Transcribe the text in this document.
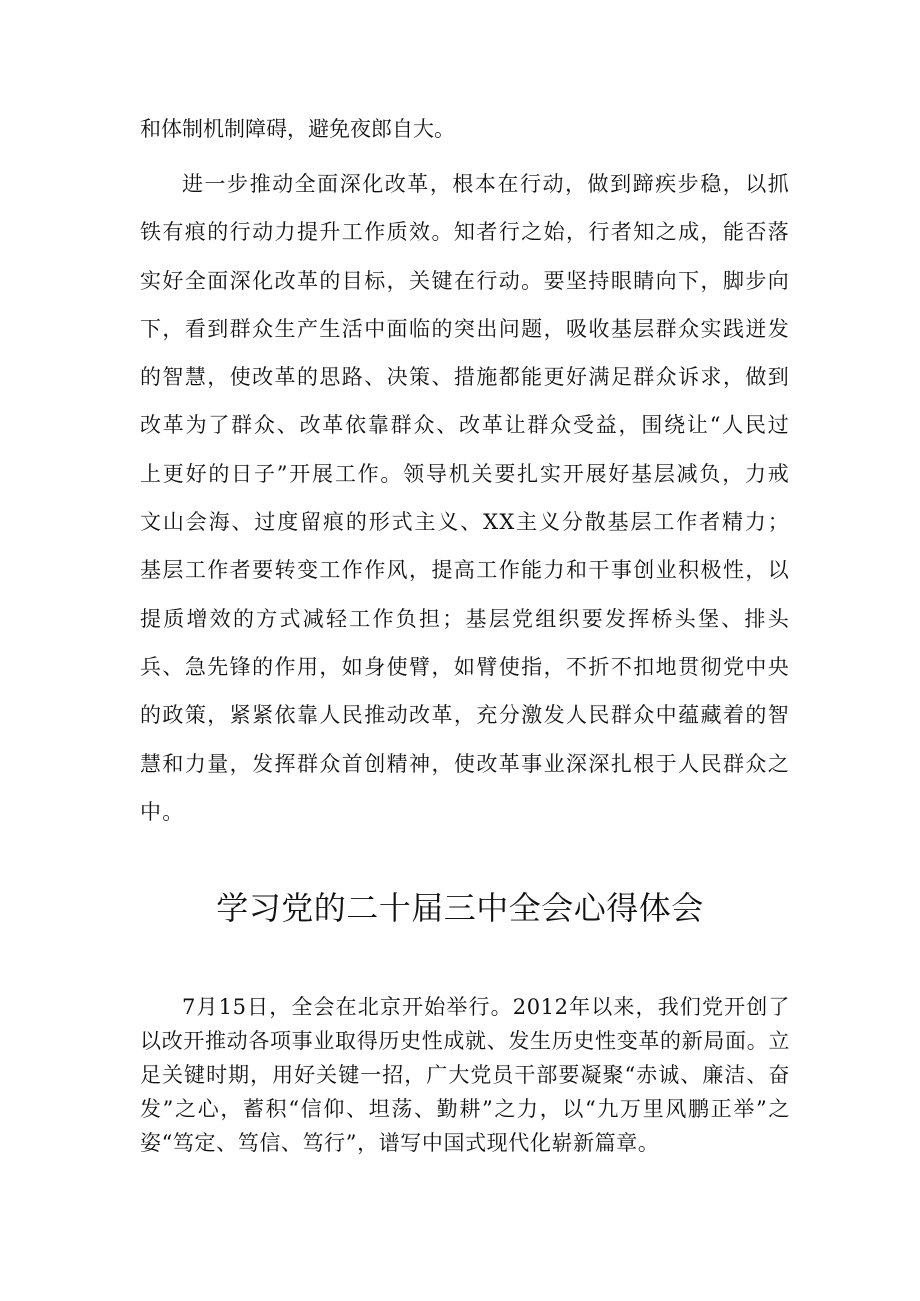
和体制机制障碍，避免夜郎自大。

进一步推动全面深化改革，根本在行动，做到蹄疾步稳，以抓铁有痕的行动力提升工作质效。知者行之始，行者知之成，能否落实好全面深化改革的目标，关键在行动。要坚持眼睛向下，脚步向下，看到群众生产生活中面临的突出问题，吸收基层群众实践迸发的智慧，使改革的思路、决策、措施都能更好满足群众诉求，做到改革为了群众、改革依靠群众、改革让群众受益，围绕让“人民过上更好的日子”开展工作。领导机关要扎实开展好基层减负，力戒文山会海、过度留痕的形式主义、XX主义分散基层工作者精力；基层工作者要转变工作作风，提高工作能力和干事创业积极性，以提质增效的方式减轻工作负担；基层党组织要发挥桥头堡、排头兵、急先锋的作用，如身使臂，如臂使指，不折不扣地贯彻党中央的政策，紧紧依靠人民推动改革，充分激发人民群众中蕴藏着的智慧和力量，发挥群众首创精神，使改革事业深深扎根于人民群众之中。

学习党的二十届三中全会心得体会

7月15日，全会在北京开始举行。2012年以来，我们党开创了以改开推动各项事业取得历史性成就、发生历史性变革的新局面。立足关键时期，用好关键一招，广大党员干部要凝聚“赤诚、廉洁、奋发”之心，蓄积“信仰、坦荡、勤耕”之力，以“九万里风鹏正举”之姿“笃定、笃信、笃行”，谱写中国式现代化崭新篇章。
